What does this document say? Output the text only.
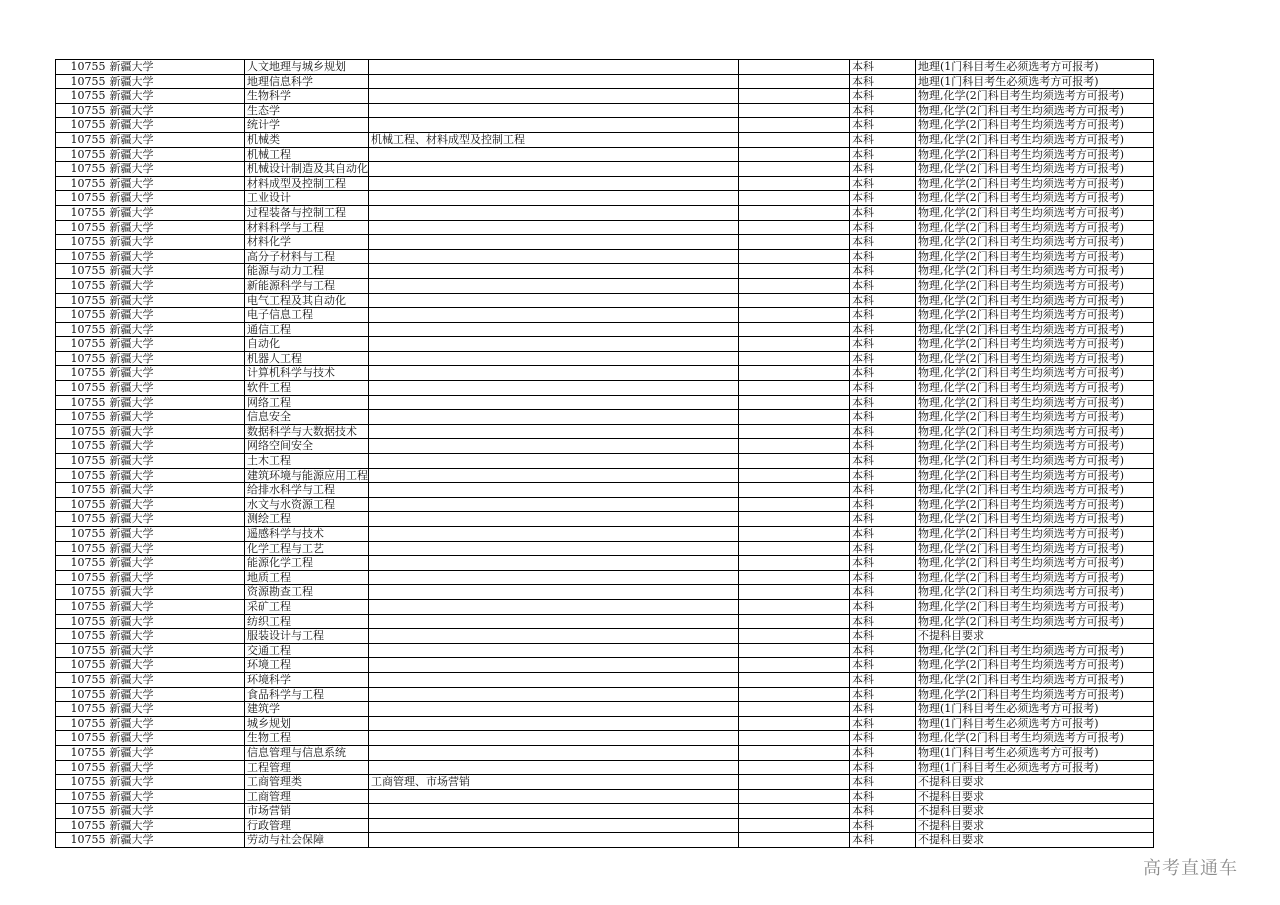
10755	新疆大学	人文地理与城乡规划			本科	地理(1门科目考生必须选考方可报考)
10755	新疆大学	地理信息科学			本科	地理(1门科目考生必须选考方可报考)
10755	新疆大学	生物科学			本科	物理,化学(2门科目考生均须选考方可报考)
10755	新疆大学	生态学			本科	物理,化学(2门科目考生均须选考方可报考)
10755	新疆大学	统计学			本科	物理,化学(2门科目考生均须选考方可报考)
10755	新疆大学	机械类	机械工程、材料成型及控制工程		本科	物理,化学(2门科目考生均须选考方可报考)
10755	新疆大学	机械工程			本科	物理,化学(2门科目考生均须选考方可报考)
10755	新疆大学	机械设计制造及其自动化			本科	物理,化学(2门科目考生均须选考方可报考)
10755	新疆大学	材料成型及控制工程			本科	物理,化学(2门科目考生均须选考方可报考)
10755	新疆大学	工业设计			本科	物理,化学(2门科目考生均须选考方可报考)
10755	新疆大学	过程装备与控制工程			本科	物理,化学(2门科目考生均须选考方可报考)
10755	新疆大学	材料科学与工程			本科	物理,化学(2门科目考生均须选考方可报考)
10755	新疆大学	材料化学			本科	物理,化学(2门科目考生均须选考方可报考)
10755	新疆大学	高分子材料与工程			本科	物理,化学(2门科目考生均须选考方可报考)
10755	新疆大学	能源与动力工程			本科	物理,化学(2门科目考生均须选考方可报考)
10755	新疆大学	新能源科学与工程			本科	物理,化学(2门科目考生均须选考方可报考)
10755	新疆大学	电气工程及其自动化			本科	物理,化学(2门科目考生均须选考方可报考)
10755	新疆大学	电子信息工程			本科	物理,化学(2门科目考生均须选考方可报考)
10755	新疆大学	通信工程			本科	物理,化学(2门科目考生均须选考方可报考)
10755	新疆大学	自动化			本科	物理,化学(2门科目考生均须选考方可报考)
10755	新疆大学	机器人工程			本科	物理,化学(2门科目考生均须选考方可报考)
10755	新疆大学	计算机科学与技术			本科	物理,化学(2门科目考生均须选考方可报考)
10755	新疆大学	软件工程			本科	物理,化学(2门科目考生均须选考方可报考)
10755	新疆大学	网络工程			本科	物理,化学(2门科目考生均须选考方可报考)
10755	新疆大学	信息安全			本科	物理,化学(2门科目考生均须选考方可报考)
10755	新疆大学	数据科学与大数据技术			本科	物理,化学(2门科目考生均须选考方可报考)
10755	新疆大学	网络空间安全			本科	物理,化学(2门科目考生均须选考方可报考)
10755	新疆大学	土木工程			本科	物理,化学(2门科目考生均须选考方可报考)
10755	新疆大学	建筑环境与能源应用工程			本科	物理,化学(2门科目考生均须选考方可报考)
10755	新疆大学	给排水科学与工程			本科	物理,化学(2门科目考生均须选考方可报考)
10755	新疆大学	水文与水资源工程			本科	物理,化学(2门科目考生均须选考方可报考)
10755	新疆大学	测绘工程			本科	物理,化学(2门科目考生均须选考方可报考)
10755	新疆大学	遥感科学与技术			本科	物理,化学(2门科目考生均须选考方可报考)
10755	新疆大学	化学工程与工艺			本科	物理,化学(2门科目考生均须选考方可报考)
10755	新疆大学	能源化学工程			本科	物理,化学(2门科目考生均须选考方可报考)
10755	新疆大学	地质工程			本科	物理,化学(2门科目考生均须选考方可报考)
10755	新疆大学	资源勘查工程			本科	物理,化学(2门科目考生均须选考方可报考)
10755	新疆大学	采矿工程			本科	物理,化学(2门科目考生均须选考方可报考)
10755	新疆大学	纺织工程			本科	物理,化学(2门科目考生均须选考方可报考)
10755	新疆大学	服装设计与工程			本科	不提科目要求
10755	新疆大学	交通工程			本科	物理,化学(2门科目考生均须选考方可报考)
10755	新疆大学	环境工程			本科	物理,化学(2门科目考生均须选考方可报考)
10755	新疆大学	环境科学			本科	物理,化学(2门科目考生均须选考方可报考)
10755	新疆大学	食品科学与工程			本科	物理,化学(2门科目考生均须选考方可报考)
10755	新疆大学	建筑学			本科	物理(1门科目考生必须选考方可报考)
10755	新疆大学	城乡规划			本科	物理(1门科目考生必须选考方可报考)
10755	新疆大学	生物工程			本科	物理,化学(2门科目考生均须选考方可报考)
10755	新疆大学	信息管理与信息系统			本科	物理(1门科目考生必须选考方可报考)
10755	新疆大学	工程管理			本科	物理(1门科目考生必须选考方可报考)
10755	新疆大学	工商管理类	工商管理、市场营销		本科	不提科目要求
10755	新疆大学	工商管理			本科	不提科目要求
10755	新疆大学	市场营销			本科	不提科目要求
10755	新疆大学	行政管理			本科	不提科目要求
10755	新疆大学	劳动与社会保障			本科	不提科目要求
高考直通车
